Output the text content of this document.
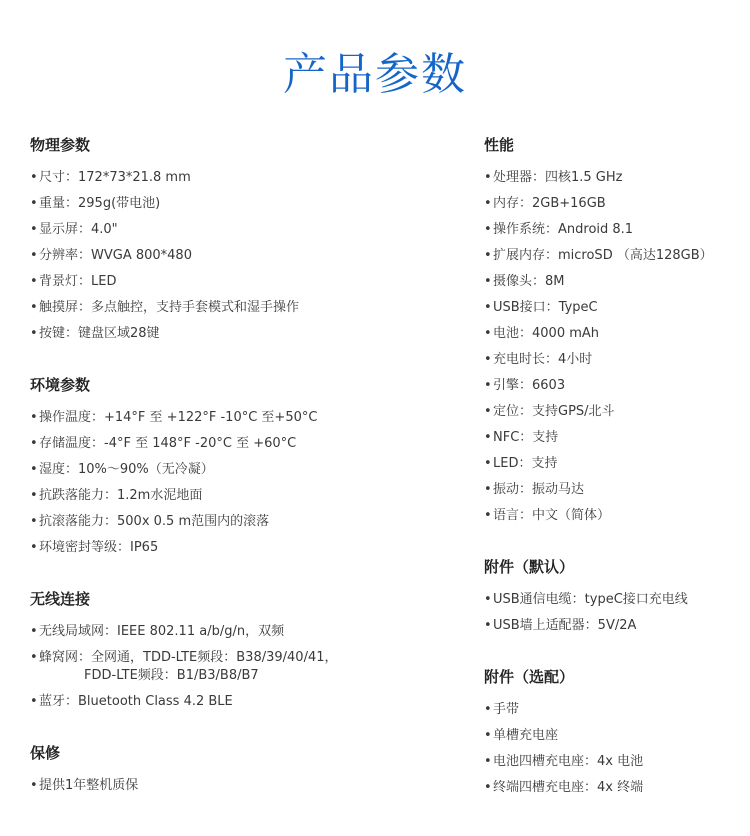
产品参数
物理参数
•尺寸：172*73*21.8 mm
•重量：295g(带电池)
•显示屏：4.0"
•分辨率：WVGA 800*480
•背景灯：LED
•触摸屏：多点触控，支持手套模式和湿手操作
•按键：键盘区域28键
环境参数
•操作温度：+14°F 至 +122°F -10°C 至+50°C
•存储温度：-4°F 至 148°F -20°C 至 +60°C
•湿度：10%～90%（无冷凝）
•抗跌落能力：1.2m水泥地面
•抗滚落能力：500x 0.5 m范围内的滚落
•环境密封等级：IP65
无线连接
•无线局域网：IEEE 802.11 a/b/g/n，双频
•蜂窝网：全网通，TDD-LTE频段：B38/39/40/41，
FDD-LTE频段：B1/B3/B8/B7
•蓝牙：Bluetooth Class 4.2 BLE
保修
•提供1年整机质保
性能
•处理器：四核1.5 GHz
•内存：2GB+16GB
•操作系统：Android 8.1
•扩展内存：microSD （高达128GB）
•摄像头：8M
•USB接口：TypeC
•电池：4000 mAh
•充电时长：4小时
•引擎：6603
•定位：支持GPS/北斗
•NFC：支持
•LED：支持
•振动：振动马达
•语言：中文（简体）
附件（默认）
•USB通信电缆：typeC接口充电线
•USB墙上适配器：5V/2A
附件（选配）
•手带
•单槽充电座
•电池四槽充电座：4x 电池
•终端四槽充电座：4x 终端
